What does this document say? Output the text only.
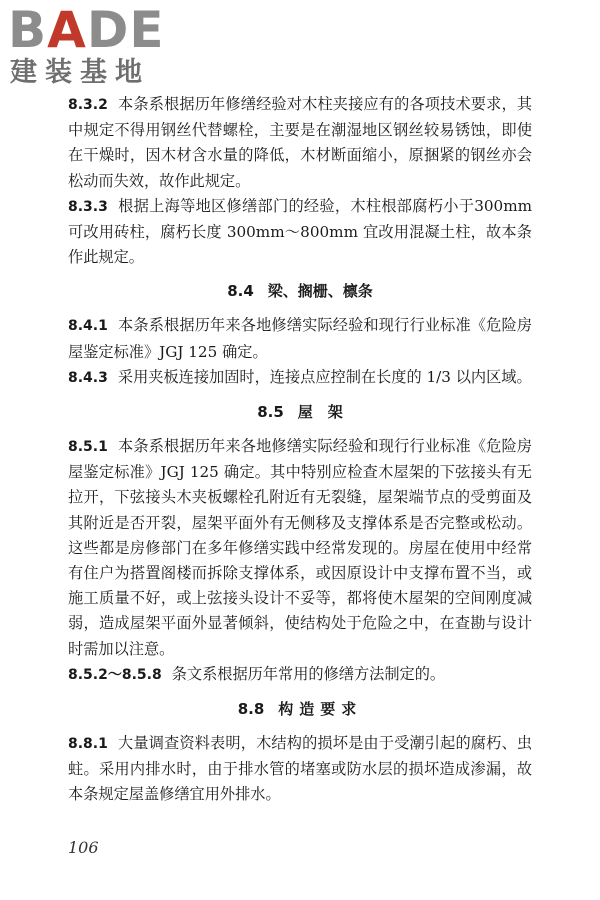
BADE
建装基地

8.3.2 本条系根据历年修缮经验对木柱夹接应有的各项技术要求，其中规定不得用钢丝代替螺栓，主要是在潮湿地区钢丝较易锈蚀，即使在干燥时，因木材含水量的降低，木材断面缩小，原捆紧的钢丝亦会松动而失效，故作此规定。

8.3.3 根据上海等地区修缮部门的经验，木柱根部腐朽小于300mm可改用砖柱，腐朽长度 300mm～800mm 宜改用混凝土柱，故本条作此规定。

8.4 梁、搁栅、檩条

8.4.1 本条系根据历年来各地修缮实际经验和现行行业标准《危险房屋鉴定标准》JGJ 125 确定。

8.4.3 采用夹板连接加固时，连接点应控制在长度的 1/3 以内区域。

8.5 屋　架

8.5.1 本条系根据历年来各地修缮实际经验和现行行业标准《危险房屋鉴定标准》JGJ 125 确定。其中特别应检查木屋架的下弦接头有无拉开，下弦接头木夹板螺栓孔附近有无裂缝，屋架端节点的受剪面及其附近是否开裂，屋架平面外有无侧移及支撑体系是否完整或松动。这些都是房修部门在多年修缮实践中经常发现的。房屋在使用中经常有住户为搭置阁楼而拆除支撑体系，或因原设计中支撑布置不当，或施工质量不好，或上弦接头设计不妥等，都将使木屋架的空间刚度减弱，造成屋架平面外显著倾斜，使结构处于危险之中，在查勘与设计时需加以注意。

8.5.2～8.5.8 条文系根据历年常用的修缮方法制定的。

8.8 构造要求

8.8.1 大量调查资料表明，木结构的损坏是由于受潮引起的腐朽、虫蛀。采用内排水时，由于排水管的堵塞或防水层的损坏造成渗漏，故本条规定屋盖修缮宜用外排水。

106
